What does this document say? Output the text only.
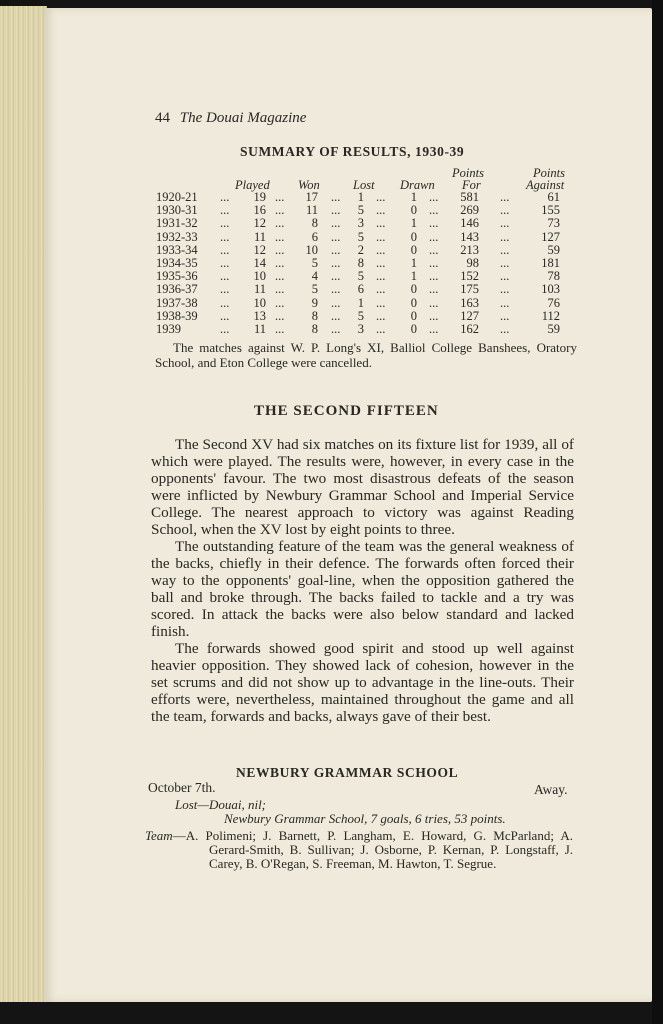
44 The Douai Magazine
SUMMARY OF RESULTS, 1930-39
Played Won	Lost Drawn
Points
For
Points
Against
1920-21 ... 19 ... 17 ...	1 ...	1 ...	581 ...	61
1930-31 ... 16 ...	11 ...	5 ...	0 ...	269 ...	155
1931-32 ... 12 ...	8 ...	3 ...	1 ...	146 ...	73
1932-33 ...	11 ...	6 ...	5 ...	0 ...	143 ...	127
1933-34 ... 12 ... 10 ...	2 ...	0 ...	213 ...	59
1934-35 ... 14 ...	5 ...	8 ...	1 ...	98 ...	181
1935-36 ... 10 ...	4 ...	5 ...	1 ...	152 ...	78
1936-37 ...	11 ...	5 ...	6 ...	0 ...	175 ...	103
1937-38 ... 10 ...	9 ...	1 ...	0 ...	163 ...	76
1938-39 ... 13 ...	8 ...	5 ...	0 ...	127 ...	112
1939	...	11 ...	8 ...	3 ...	0 ...	162 ...	59
The matches against W. P. Long's XI, Balliol College Banshees, Oratory School, and Eton College were cancelled.
THE SECOND FIFTEEN
The Second XV had six matches on its fixture list for 1939, all of which were played. The results were, however, in every case in the opponents' favour. The two most disastrous defeats of the season were inflicted by Newbury Grammar School and Imperial Service College. The nearest approach to victory was against Reading School, when the XV lost by eight points to three.
The outstanding feature of the team was the general weakness of the backs, chiefly in their defence. The forwards often forced their way to the opponents' goal-line, when the opposition gathered the ball and broke through. The backs failed to tackle and a try was scored. In attack the backs were also below standard and lacked finish.
The forwards showed good spirit and stood up well against heavier opposition. They showed lack of cohesion, however in the set scrums and did not show up to advantage in the line-outs. Their efforts were, nevertheless, maintained throughout the game and all the team, forwards and backs, always gave of their best.
NEWBURY GRAMMAR SCHOOL
October 7th.	Away.
Lost—Douai, nil;
Newbury Grammar School, 7 goals, 6 tries, 53 points.
Team—A. Polimeni; J. Barnett, P. Langham, E. Howard, G. McParland; A. Gerard-Smith, B. Sullivan; J. Osborne, P. Kernan, P. Longstaff, J. Carey, B. O'Regan, S. Freeman, M. Hawton, T. Segrue.
